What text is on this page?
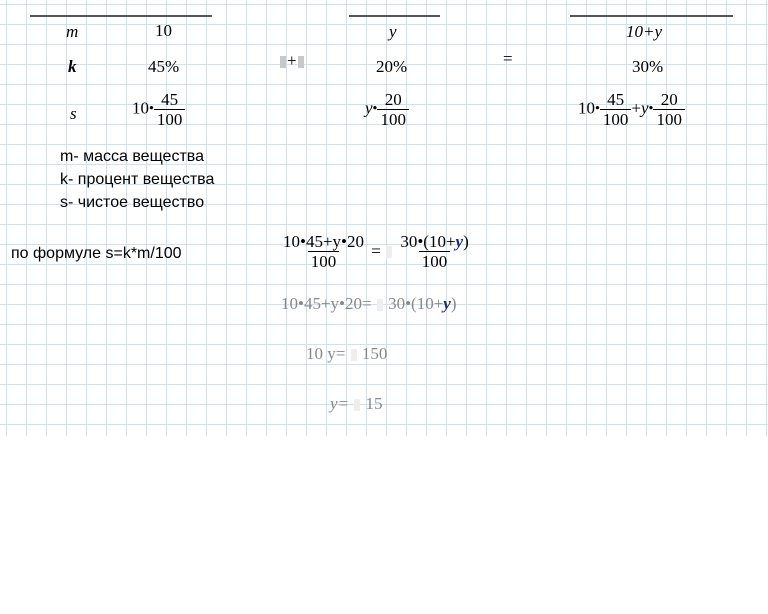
m
k
s
10
45%
10• $\frac{45}{100}$
+
y
20%
y• $\frac{20}{100}$
=
10+y
30%
10• $\frac{45}{100}$ +y• $\frac{20}{100}$
m- масса вещества
k- процент вещества
s- чистое вещество
по формуле s=k*m/100	$\frac{10•45+y•20}{100} = \frac{30•(10+y)}{100}$
10•45+y•20= 30•(10+y)
10 y= 150
y= 15
